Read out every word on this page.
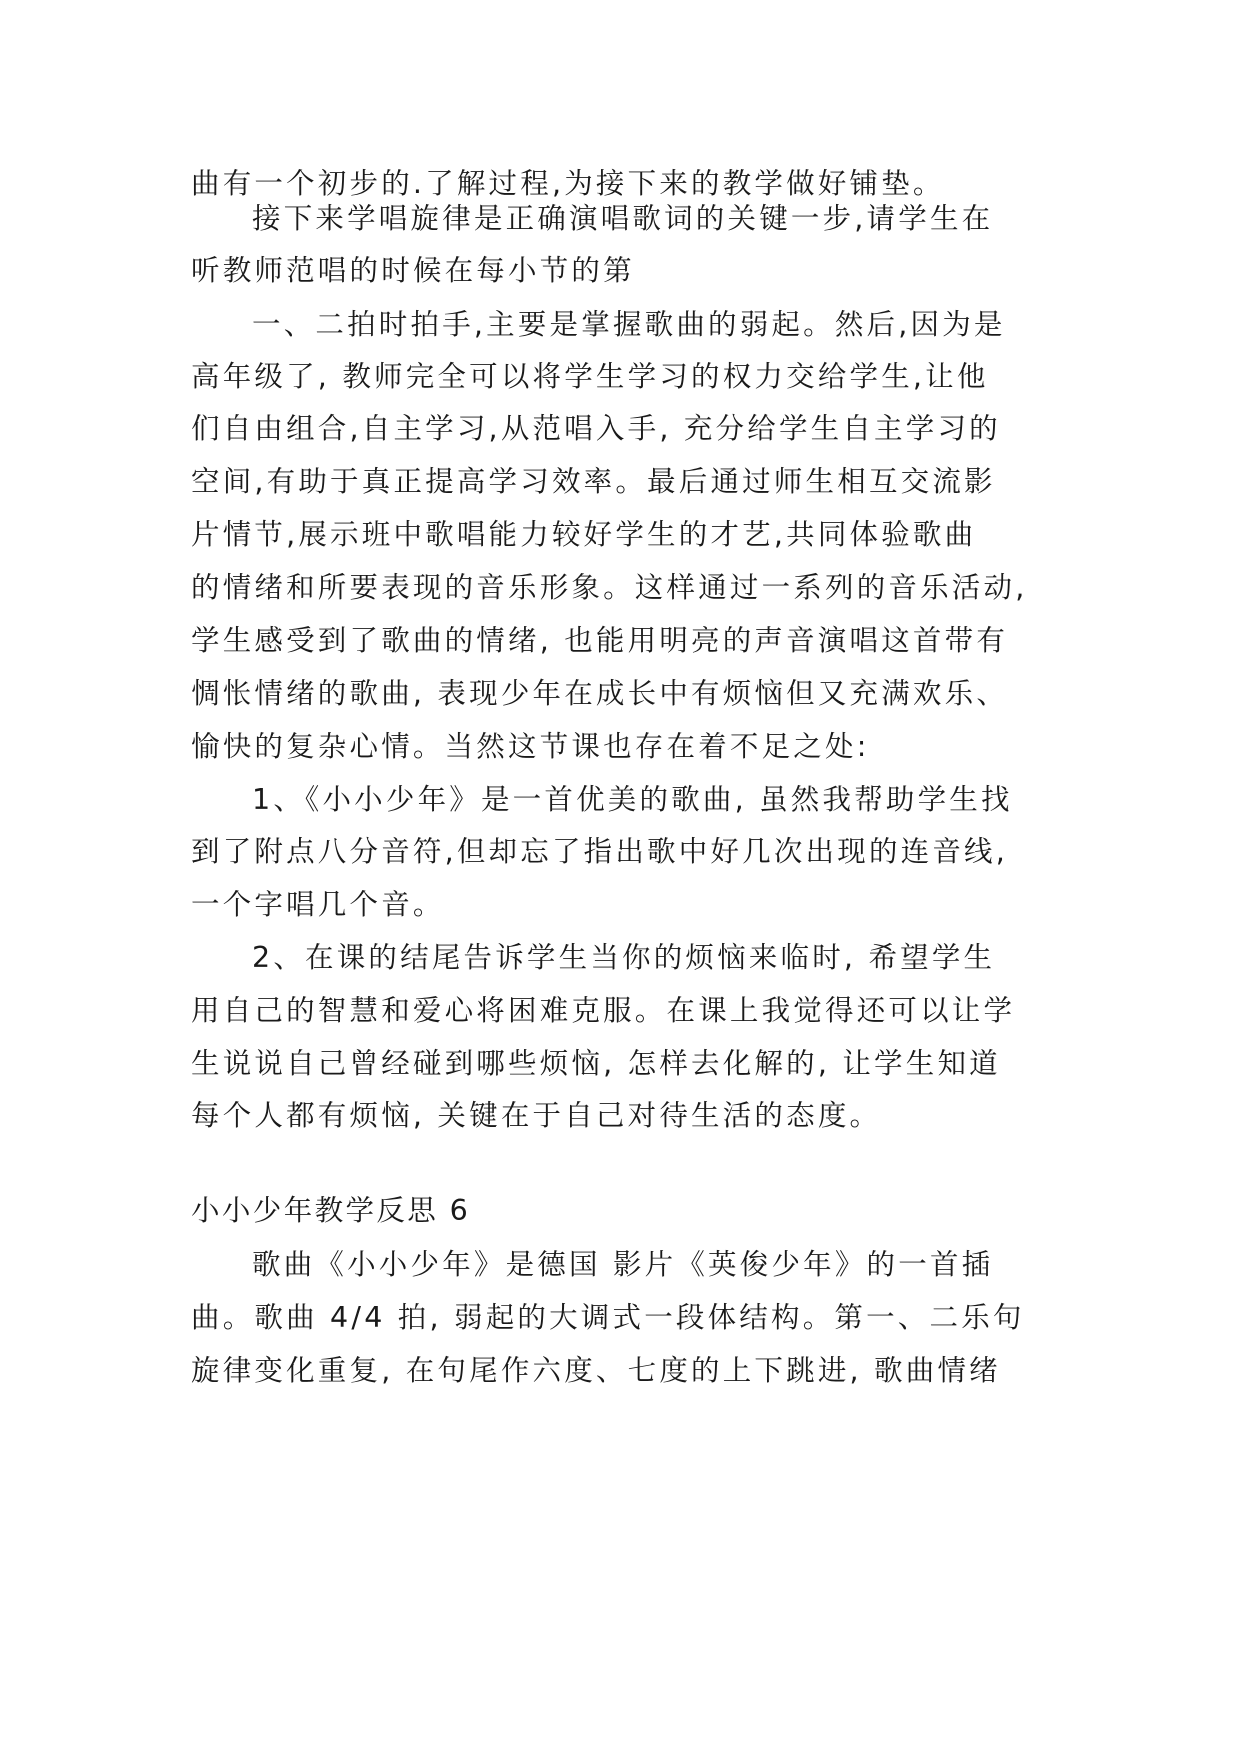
曲有一个初步的.了解过程,为接下来的教学做好铺垫。
接下来学唱旋律是正确演唱歌词的关键一步,请学生在
听教师范唱的时候在每小节的第
一、二拍时拍手,主要是掌握歌曲的弱起。然后,因为是
高年级了, 教师完全可以将学生学习的权力交给学生,让他
们自由组合,自主学习,从范唱入手, 充分给学生自主学习的
空间,有助于真正提高学习效率。最后通过师生相互交流影
片情节,展示班中歌唱能力较好学生的才艺,共同体验歌曲
的情绪和所要表现的音乐形象。这样通过一系列的音乐活动,
学生感受到了歌曲的情绪, 也能用明亮的声音演唱这首带有
惆怅情绪的歌曲, 表现少年在成长中有烦恼但又充满欢乐、
愉快的复杂心情。当然这节课也存在着不足之处:
1、《小小少年》是一首优美的歌曲, 虽然我帮助学生找
到了附点八分音符,但却忘了指出歌中好几次出现的连音线,
一个字唱几个音。
2、在课的结尾告诉学生当你的烦恼来临时, 希望学生
用自己的智慧和爱心将困难克服。在课上我觉得还可以让学
生说说自己曾经碰到哪些烦恼, 怎样去化解的, 让学生知道
每个人都有烦恼, 关键在于自己对待生活的态度。
小小少年教学反思 6
歌曲《小小少年》是德国 影片《英俊少年》的一首插
曲。歌曲 4/4 拍, 弱起的大调式一段体结构。第一、二乐句
旋律变化重复, 在句尾作六度、七度的上下跳进, 歌曲情绪
